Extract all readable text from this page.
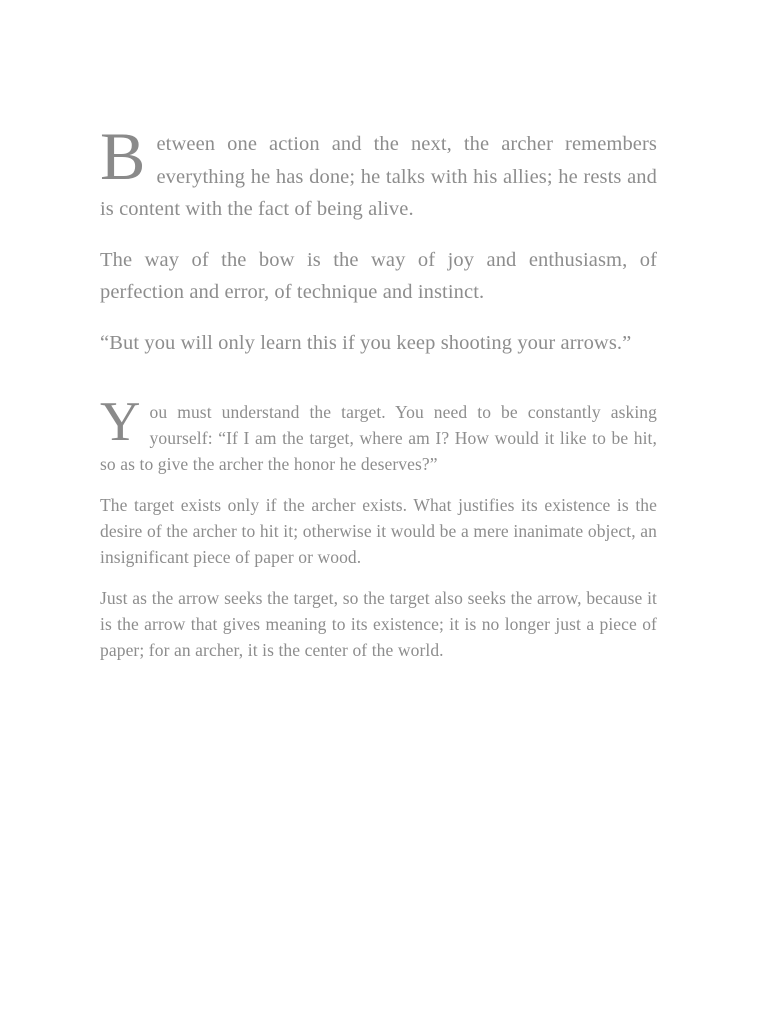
Between one action and the next, the archer remembers everything he has done; he talks with his allies; he rests and is content with the fact of being alive.

The way of the bow is the way of joy and enthusiasm, of perfection and error, of technique and instinct.

“But you will only learn this if you keep shooting your arrows.”

You must understand the target. You need to be constantly asking yourself: “If I am the target, where am I? How would it like to be hit, so as to give the archer the honor he deserves?”

The target exists only if the archer exists. What justifies its existence is the desire of the archer to hit it; otherwise it would be a mere inanimate object, an insignificant piece of paper or wood.

Just as the arrow seeks the target, so the target also seeks the arrow, because it is the arrow that gives meaning to its existence; it is no longer just a piece of paper; for an archer, it is the center of the world.
